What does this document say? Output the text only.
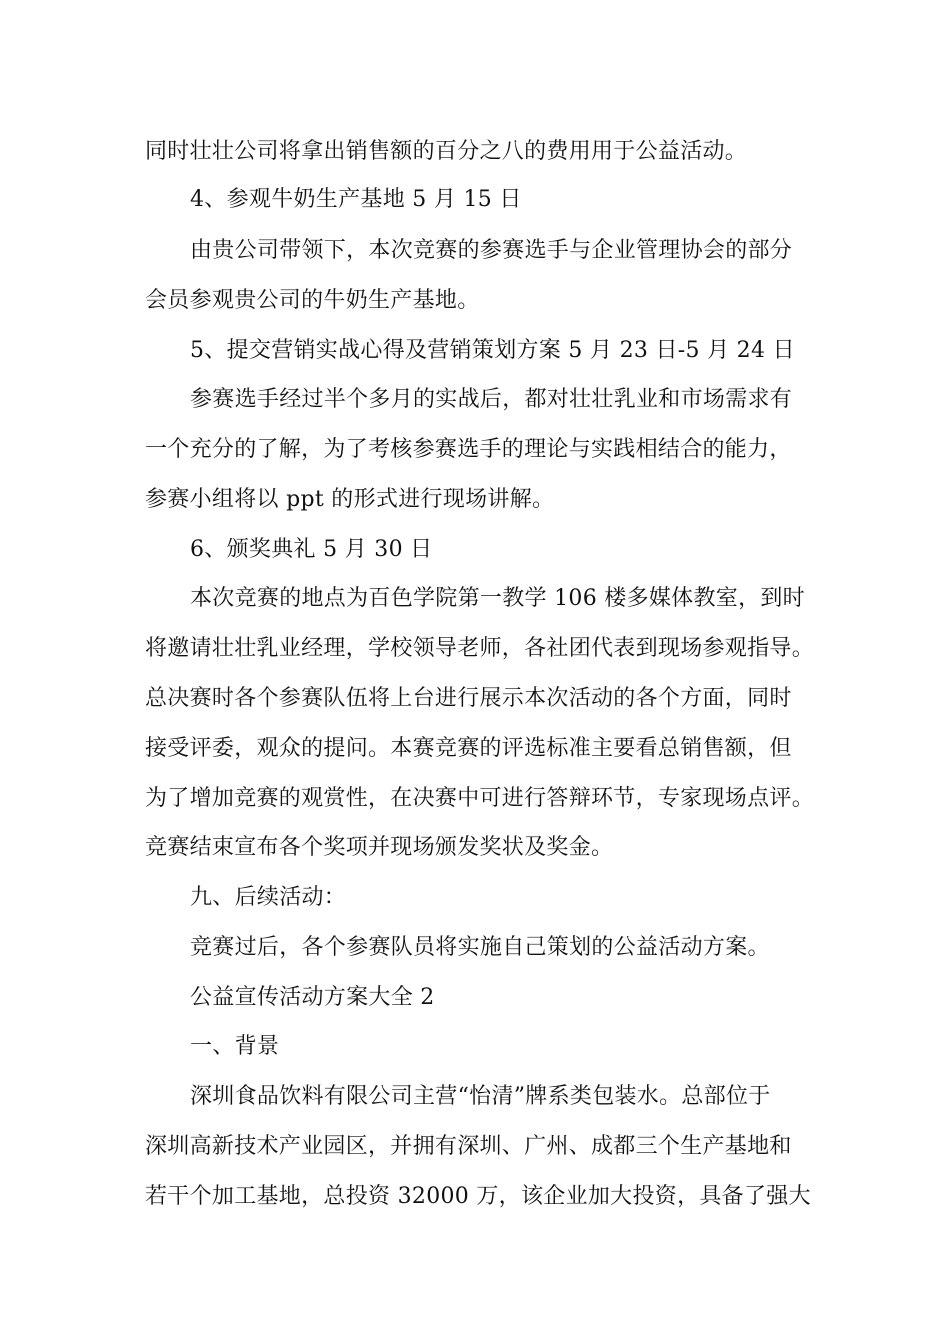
同时壮壮公司将拿出销售额的百分之八的费用用于公益活动。
4、参观牛奶生产基地 5 月 15 日
由贵公司带领下，本次竞赛的参赛选手与企业管理协会的部分
会员参观贵公司的牛奶生产基地。
5、提交营销实战心得及营销策划方案 5 月 23 日-5 月 24 日
参赛选手经过半个多月的实战后，都对壮壮乳业和市场需求有
一个充分的了解，为了考核参赛选手的理论与实践相结合的能力，
参赛小组将以 ppt 的形式进行现场讲解。
6、颁奖典礼 5 月 30 日
本次竞赛的地点为百色学院第一教学 106 楼多媒体教室，到时
将邀请壮壮乳业经理，学校领导老师，各社团代表到现场参观指导。
总决赛时各个参赛队伍将上台进行展示本次活动的各个方面，同时
接受评委，观众的提问。本赛竞赛的评选标准主要看总销售额，但
为了增加竞赛的观赏性，在决赛中可进行答辩环节，专家现场点评。
竞赛结束宣布各个奖项并现场颁发奖状及奖金。
九、后续活动：
竞赛过后，各个参赛队员将实施自己策划的公益活动方案。
公益宣传活动方案大全 2
一、背景
深圳食品饮料有限公司主营“怡清”牌系类包装水。总部位于
深圳高新技术产业园区，并拥有深圳、广州、成都三个生产基地和
若干个加工基地，总投资 32000 万，该企业加大投资，具备了强大
